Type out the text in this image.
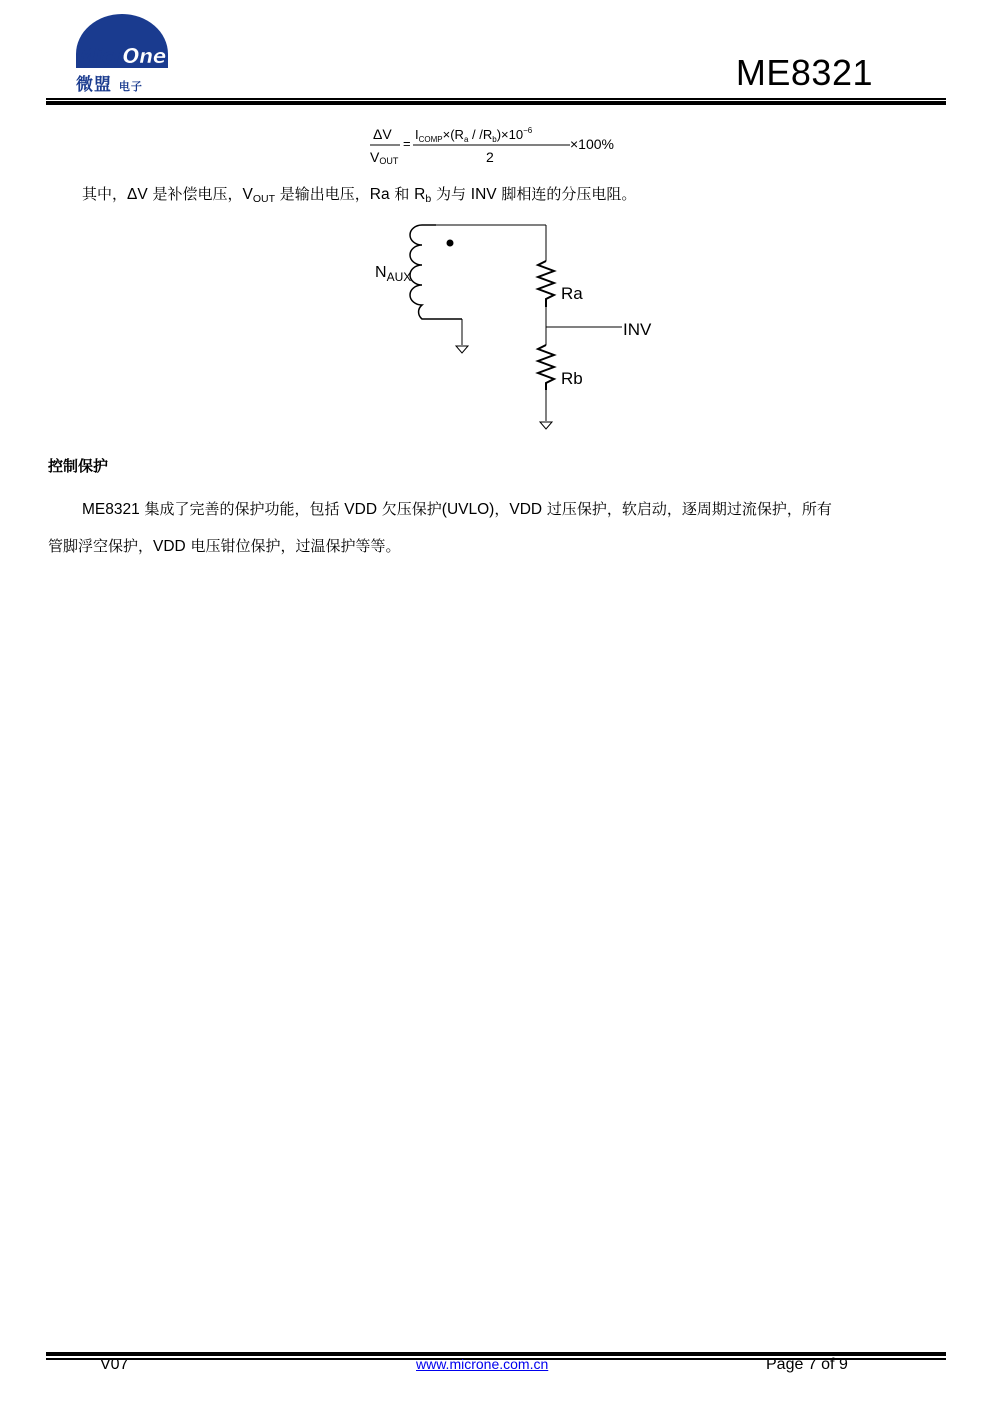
MicrOne
微盟 电子	ME8321
ΔV
VOUT
=
$I_{COMP}\times(R_a / /R_b)\times 10^{-6}$
2
×100%
其中，ΔV 是补偿电压，$V_{OUT}$ 是输出电压，Ra 和 $R_b$ 为与 INV 脚相连的分压电阻。
$N_{AUX}$
Ra
INV
Rb
控制保护
ME8321 集成了完善的保护功能，包括 VDD 欠压保护(UVLO)，VDD 过压保护，软启动，逐周期过流保护，所有
管脚浮空保护，VDD 电压钳位保护，过温保护等等。
V07	www.microne.com.cn	Page 7 of 9
